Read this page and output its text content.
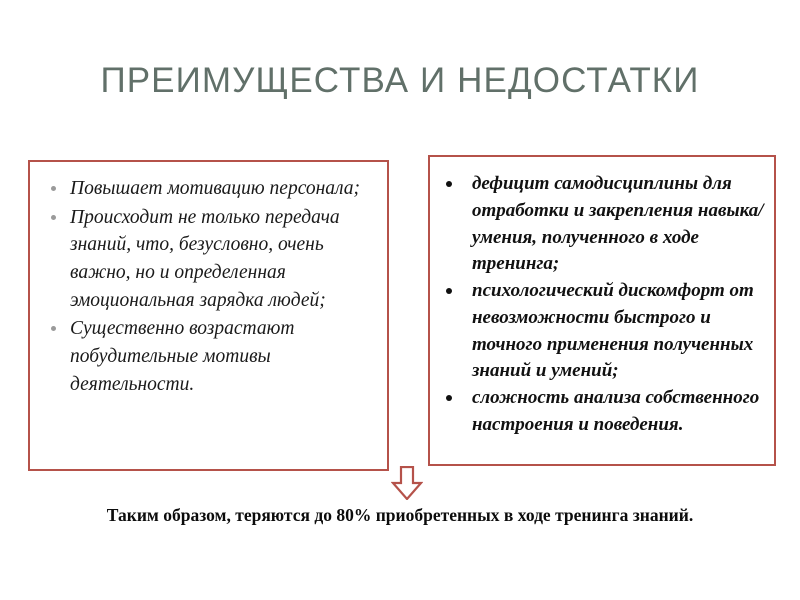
ПРЕИМУЩЕСТВА И НЕДОСТАТКИ
Повышает мотивацию персонала;
Происходит не только передача знаний, что, безусловно, очень важно, но и определенная эмоциональная зарядка людей;
Существенно возрастают побудительные мотивы деятельности.
дефицит самодисциплины для отработки и закрепления навыка/умения, полученного в ходе тренинга;
психологический дискомфорт от невозможности быстрого и точного применения полученных знаний и умений;
сложность анализа собственного настроения и поведения.
Таким образом, теряются до 80% приобретенных в ходе тренинга знаний.
